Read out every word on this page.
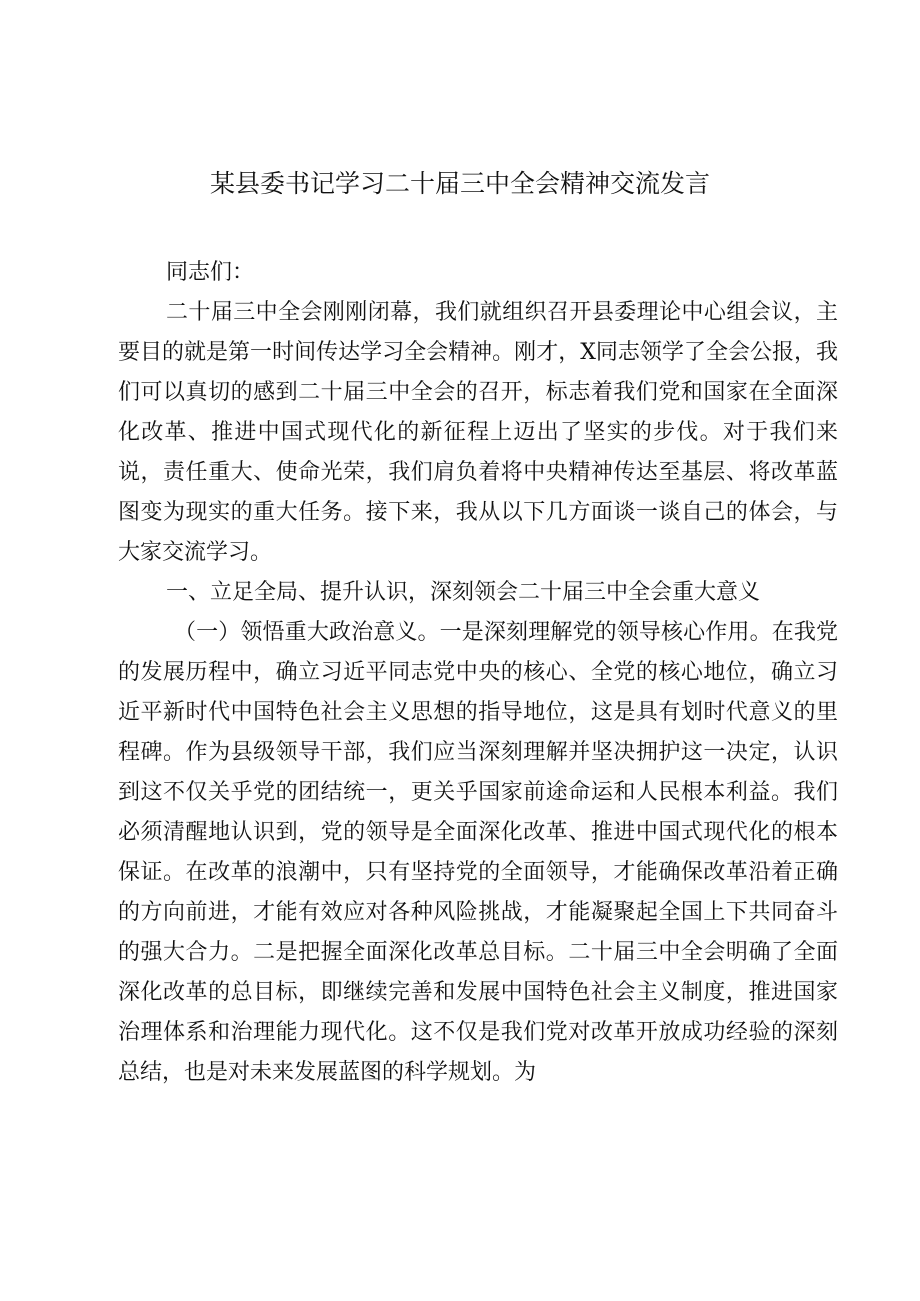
某县委书记学习二十届三中全会精神交流发言

同志们：

二十届三中全会刚刚闭幕，我们就组织召开县委理论中心组会议，主要目的就是第一时间传达学习全会精神。刚才，X同志领学了全会公报，我们可以真切的感到二十届三中全会的召开，标志着我们党和国家在全面深化改革、推进中国式现代化的新征程上迈出了坚实的步伐。对于我们来说，责任重大、使命光荣，我们肩负着将中央精神传达至基层、将改革蓝图变为现实的重大任务。接下来，我从以下几方面谈一谈自己的体会，与大家交流学习。

一、立足全局、提升认识，深刻领会二十届三中全会重大意义

（一）领悟重大政治意义。一是深刻理解党的领导核心作用。在我党的发展历程中，确立习近平同志党中央的核心、全党的核心地位，确立习近平新时代中国特色社会主义思想的指导地位，这是具有划时代意义的里程碑。作为县级领导干部，我们应当深刻理解并坚决拥护这一决定，认识到这不仅关乎党的团结统一，更关乎国家前途命运和人民根本利益。我们必须清醒地认识到，党的领导是全面深化改革、推进中国式现代化的根本保证。在改革的浪潮中，只有坚持党的全面领导，才能确保改革沿着正确的方向前进，才能有效应对各种风险挑战，才能凝聚起全国上下共同奋斗的强大合力。二是把握全面深化改革总目标。二十届三中全会明确了全面深化改革的总目标，即继续完善和发展中国特色社会主义制度，推进国家治理体系和治理能力现代化。这不仅是我们党对改革开放成功经验的深刻总结，也是对未来发展蓝图的科学规划。为
